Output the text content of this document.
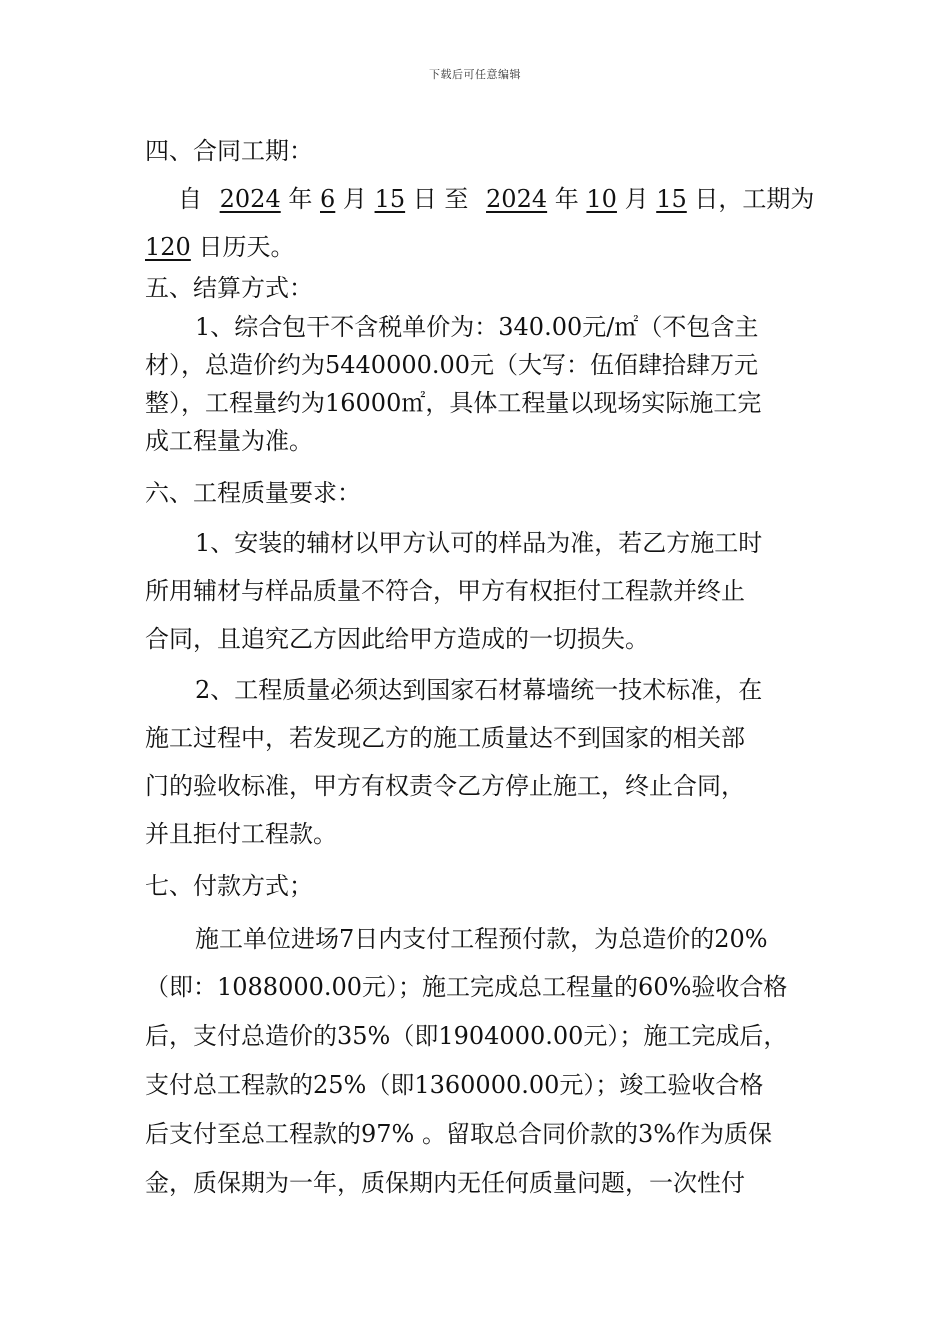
下载后可任意编辑
四、合同工期：
自 2024 年 6 月 15 日 至 2024 年 10 月 15 日，工期为
120 日历天。
五、结算方式：
1、综合包干不含税单价为：340.00元/㎡（不包含主
材），总造价约为5440000.00元（大写：伍佰肆拾肆万元
整），工程量约为16000㎡，具体工程量以现场实际施工完
成工程量为准。
六、工程质量要求：
1、安装的辅材以甲方认可的样品为准，若乙方施工时
所用辅材与样品质量不符合，甲方有权拒付工程款并终止
合同，且追究乙方因此给甲方造成的一切损失。
2、工程质量必须达到国家石材幕墙统一技术标准，在
施工过程中，若发现乙方的施工质量达不到国家的相关部
门的验收标准，甲方有权责令乙方停止施工，终止合同，
并且拒付工程款。
七、付款方式；
施工单位进场7日内支付工程预付款，为总造价的20%
（即：1088000.00元）；施工完成总工程量的60%验收合格
后，支付总造价的35%（即1904000.00元）；施工完成后，
支付总工程款的25%（即1360000.00元）；竣工验收合格
后支付至总工程款的97% 。留取总合同价款的3%作为质保
金，质保期为一年，质保期内无任何质量问题，一次性付
